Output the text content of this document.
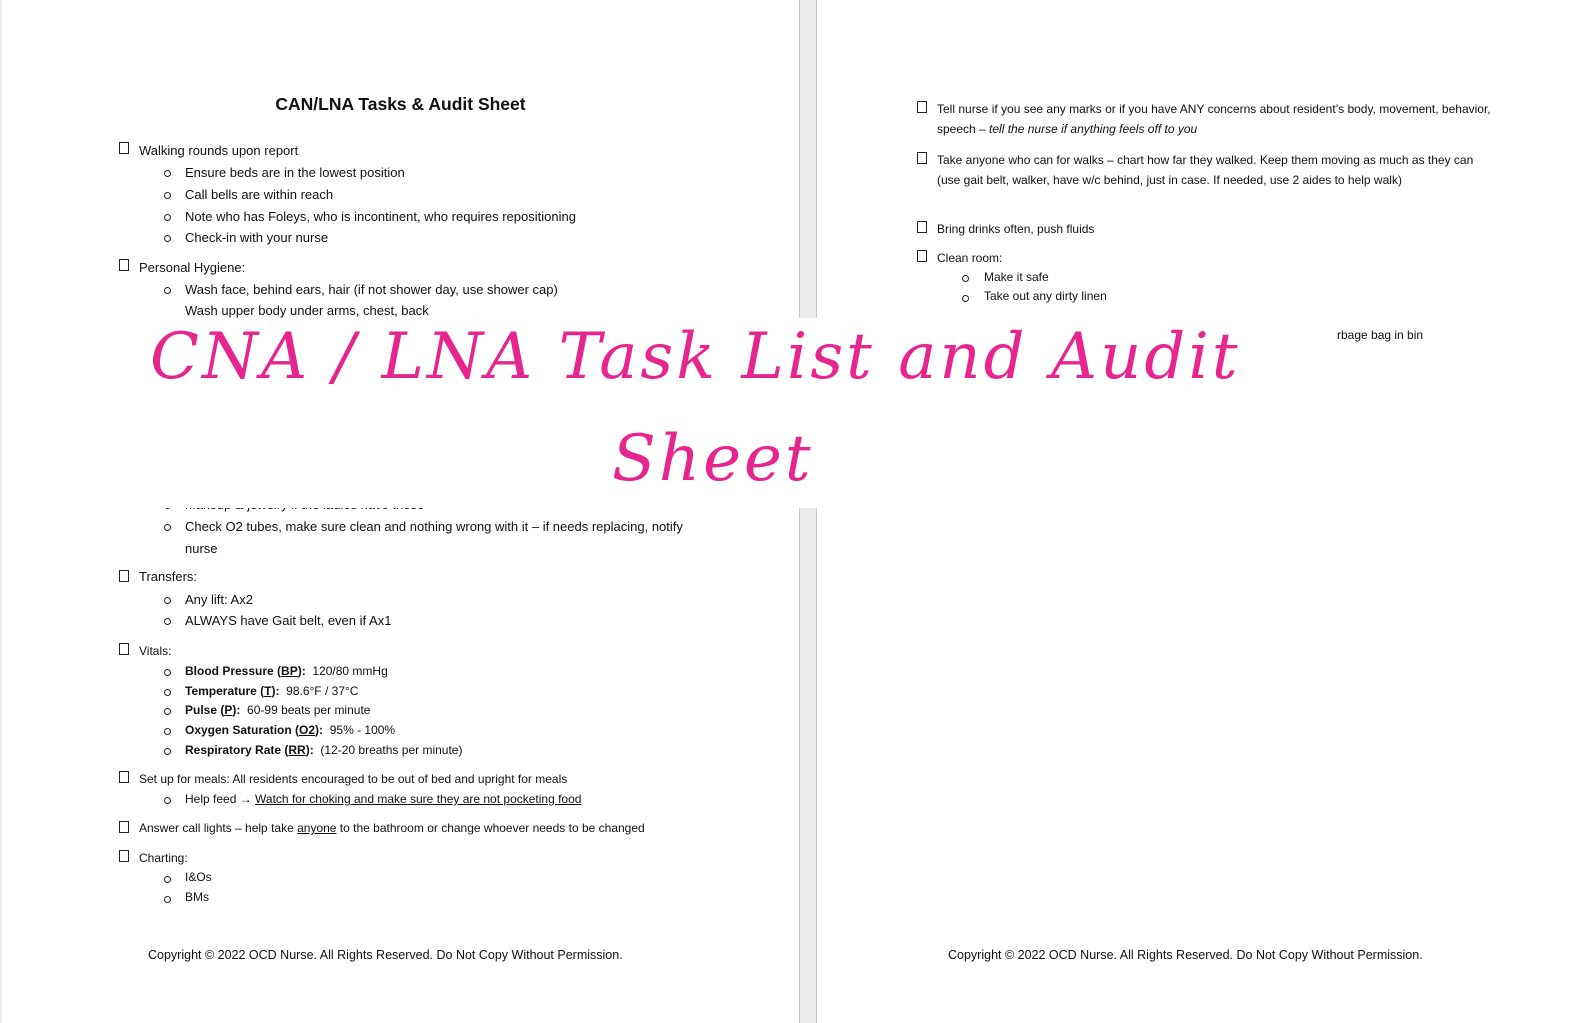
CAN/LNA Tasks & Audit Sheet
Walking rounds upon report
Ensure beds are in the lowest position
Call bells are within reach
Note who has Foleys, who is incontinent, who requires repositioning
Check-in with your nurse
Personal Hygiene:
Wash face, behind ears, hair (if not shower day, use shower cap)
Wash upper body under arms, chest, back
Check O2 tubes, make sure clean and nothing wrong with it – if needs replacing, notify nurse
Transfers:
Any lift: Ax2
ALWAYS have Gait belt, even if Ax1
Vitals:
Blood Pressure (BP): 120/80 mmHg
Temperature (T): 98.6°F / 37°C
Pulse (P): 60-99 beats per minute
Oxygen Saturation (O2): 95% - 100%
Respiratory Rate (RR): (12-20 breaths per minute)
Set up for meals: All residents encouraged to be out of bed and upright for meals
Help feed → Watch for choking and make sure they are not pocketing food
Answer call lights – help take anyone to the bathroom or change whoever needs to be changed
Charting:
I&Os
BMs
Copyright © 2022 OCD Nurse. All Rights Reserved. Do Not Copy Without Permission.
Tell nurse if you see any marks or if you have ANY concerns about resident’s body, movement, behavior, speech – tell the nurse if anything feels off to you
Take anyone who can for walks – chart how far they walked. Keep them moving as much as they can (use gait belt, walker, have w/c behind, just in case. If needed, use 2 aides to help walk)
Bring drinks often, push fluids
Clean room:
Make it safe
Take out any dirty linen
Copyright © 2022 OCD Nurse. All Rights Reserved. Do Not Copy Without Permission.
rbage bag in bin
CNA / LNA Task List and Audit
Sheet
